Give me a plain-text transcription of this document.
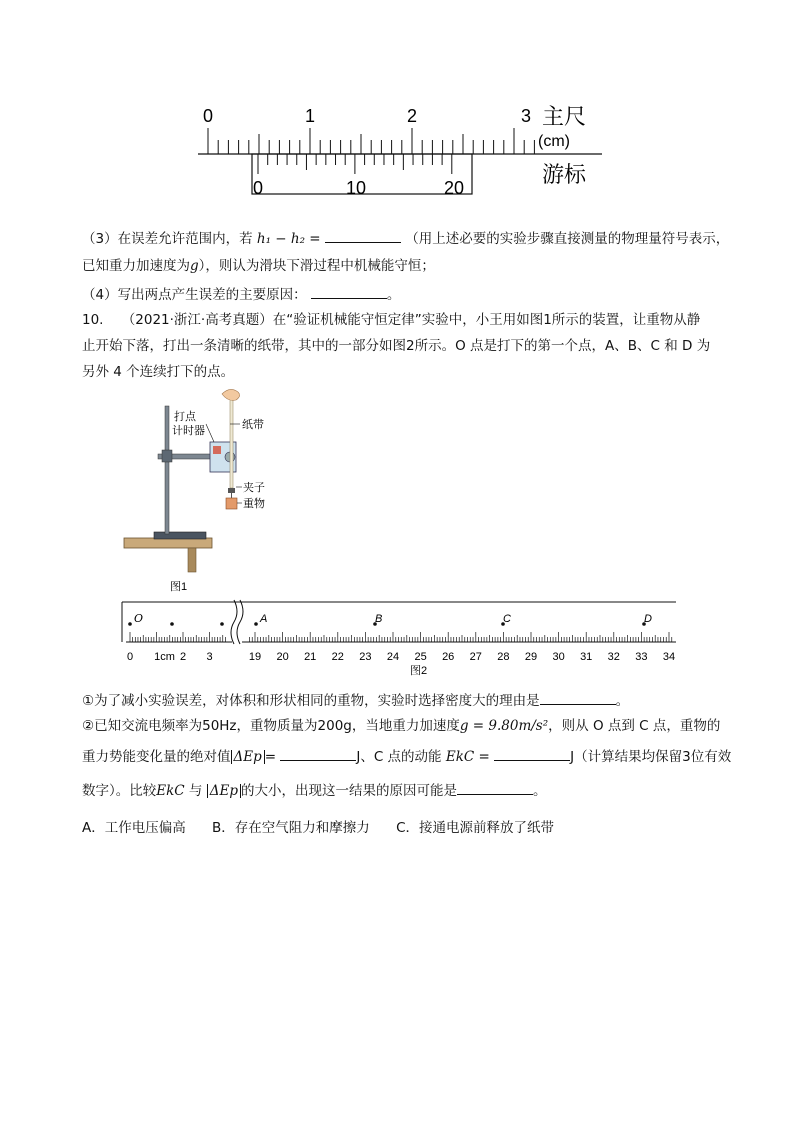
0	1	2	3
0	10	20
主尺
(cm)
游标
（3）在误差允许范围内，若 h₁ − h₂ =	（用上述必要的实验步骤直接测量的物理量符号表示，
已知重力加速度为g），则认为滑块下滑过程中机械能守恒；
（4）写出两点产生误差的主要原因：	。
10. （2021·浙江·高考真题）在“验证机械能守恒定律”实验中，小王用如图1所示的装置，让重物从静
止开始下落，打出一条清晰的纸带，其中的一部分如图2所示。O 点是打下的第一个点，A、B、C 和 D 为
另外 4 个连续打下的点。
打点
计时器	纸带
夹子
重物
图1
O	A	B	C	D
0 1cm 2 3	19 20 21 22 23 24 25 26 27 28 29 30 31 32 33 34
图2
①为了减小实验误差，对体积和形状相同的重物，实验时选择密度大的理由是	。
②已知交流电频率为50Hz，重物质量为200g，当地重力加速度g = 9.80m/s²，则从 O 点到 C 点，重物的
重力势能变化量的绝对值 ΔEp =	J、C 点的动能 EkC =	J（计算结果均保留3位有效
数字）。比较EkC 与 ΔEp 的大小，出现这一结果的原因可能是	。
A．工作电压偏高 B．存在空气阻力和摩擦力 C．接通电源前释放了纸带
